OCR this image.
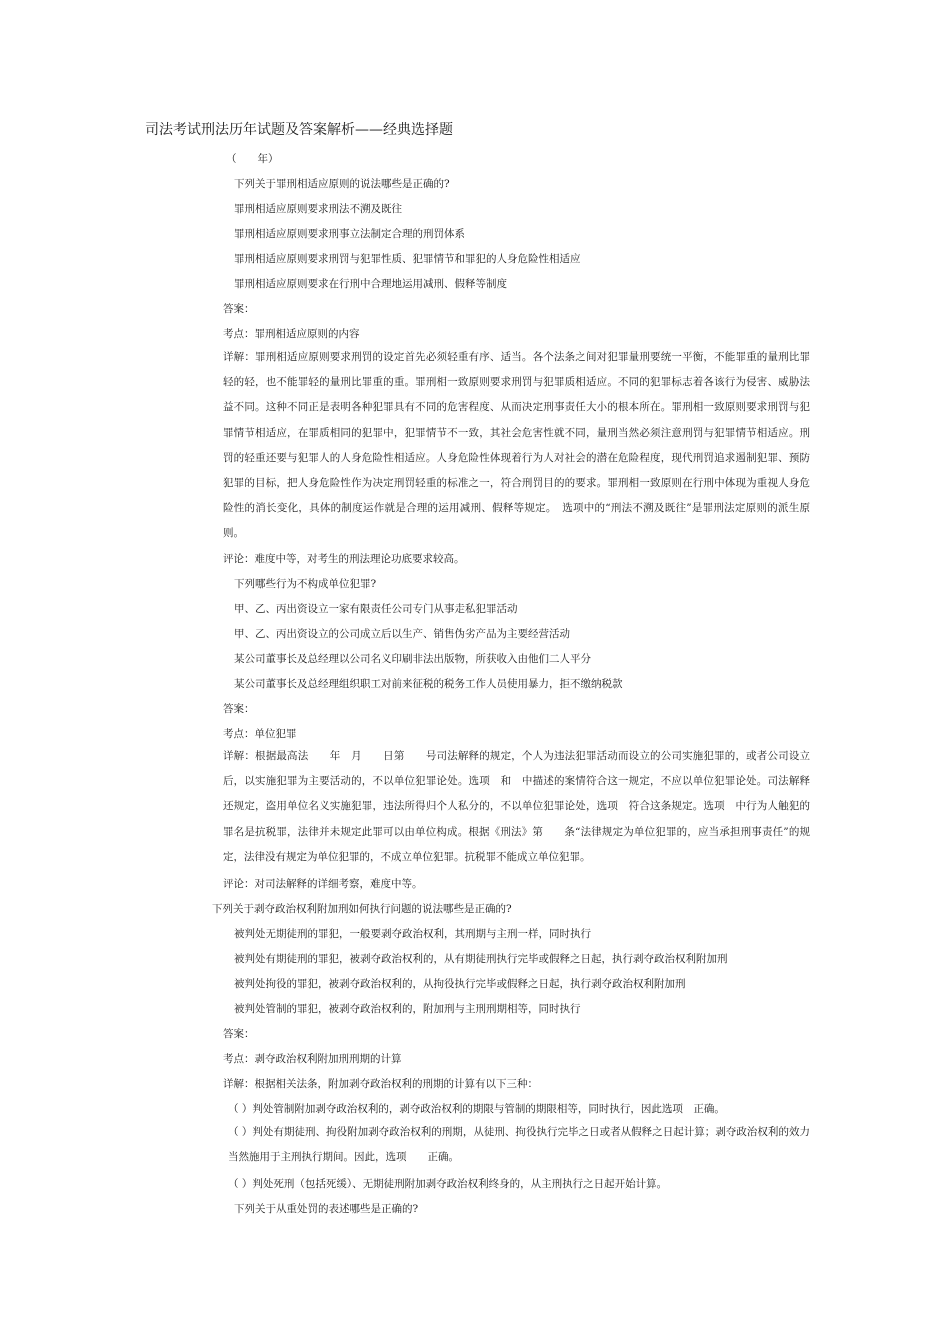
司法考试刑法历年试题及答案解析——经典选择题
（　　年）
下列关于罪刑相适应原则的说法哪些是正确的?
罪刑相适应原则要求刑法不溯及既往
罪刑相适应原则要求刑事立法制定合理的刑罚体系
罪刑相适应原则要求刑罚与犯罪性质、犯罪情节和罪犯的人身危险性相适应
罪刑相适应原则要求在行刑中合理地运用减刑、假释等制度
答案：
考点：罪刑相适应原则的内容
详解：罪刑相适应原则要求刑罚的设定首先必须轻重有序、适当。各个法条之间对犯罪量刑要统一平衡，不能罪重的量刑比罪轻的轻，也不能罪轻的量刑比罪重的重。罪刑相一致原则要求刑罚与犯罪质相适应。不同的犯罪标志着各该行为侵害、威胁法益不同。这种不同正是表明各种犯罪具有不同的危害程度、从而决定刑事责任大小的根本所在。罪刑相一致原则要求刑罚与犯罪情节相适应，在罪质相同的犯罪中，犯罪情节不一致，其社会危害性就不同，量刑当然必须注意刑罚与犯罪情节相适应。刑罚的轻重还要与犯罪人的人身危险性相适应。人身危险性体现着行为人对社会的潜在危险程度，现代刑罚追求遏制犯罪、预防犯罪的目标，把人身危险性作为决定刑罚轻重的标准之一，符合刑罚目的的要求。罪刑相一致原则在行刑中体现为重视人身危险性的消长变化，具体的制度运作就是合理的运用减刑、假释等规定。　选项中的“刑法不溯及既往”是罪刑法定原则的派生原则。
评论：难度中等，对考生的刑法理论功底要求较高。
下列哪些行为不构成单位犯罪?
甲、乙、丙出资设立一家有限责任公司专门从事走私犯罪活动
甲、乙、丙出资设立的公司成立后以生产、销售伪劣产品为主要经营活动
某公司董事长及总经理以公司名义印刷非法出版物，所获收入由他们二人平分
某公司董事长及总经理组织职工对前来征税的税务工作人员使用暴力，拒不缴纳税款
答案：
考点：单位犯罪
详解：根据最高法　　年　月　　日第　　号司法解释的规定，个人为违法犯罪活动而设立的公司实施犯罪的，或者公司设立后，以实施犯罪为主要活动的，不以单位犯罪论处。选项　和　中描述的案情符合这一规定，不应以单位犯罪论处。司法解释还规定，盗用单位名义实施犯罪，违法所得归个人私分的，不以单位犯罪论处，选项　符合这条规定。选项　中行为人触犯的罪名是抗税罪，法律并未规定此罪可以由单位构成。根据《刑法》第　　条“法律规定为单位犯罪的，应当承担刑事责任”的规定，法律没有规定为单位犯罪的，不成立单位犯罪。抗税罪不能成立单位犯罪。
评论：对司法解释的详细考察，难度中等。
下列关于剥夺政治权利附加刑如何执行问题的说法哪些是正确的?
被判处无期徒刑的罪犯，一般要剥夺政治权利，其刑期与主刑一样，同时执行
被判处有期徒刑的罪犯，被剥夺政治权利的，从有期徒刑执行完毕或假释之日起，执行剥夺政治权利附加刑
被判处拘役的罪犯，被剥夺政治权利的，从拘役执行完毕或假释之日起，执行剥夺政治权利附加刑
被判处管制的罪犯，被剥夺政治权利的，附加刑与主刑刑期相等，同时执行
答案：
考点：剥夺政治权利附加刑刑期的计算
详解：根据相关法条，附加剥夺政治权利的刑期的计算有以下三种：
（ ）判处管制附加剥夺政治权利的，剥夺政治权利的期限与管制的期限相等，同时执行，因此选项　正确。
（ ）判处有期徒刑、拘役附加剥夺政治权利的刑期，从徒刑、拘役执行完毕之日或者从假释之日起计算；剥夺政治权利的效力当然施用于主刑执行期间。因此，选项　　正确。
（ ）判处死刑（包括死缓）、无期徒刑附加剥夺政治权利终身的，从主刑执行之日起开始计算。
下列关于从重处罚的表述哪些是正确的?
